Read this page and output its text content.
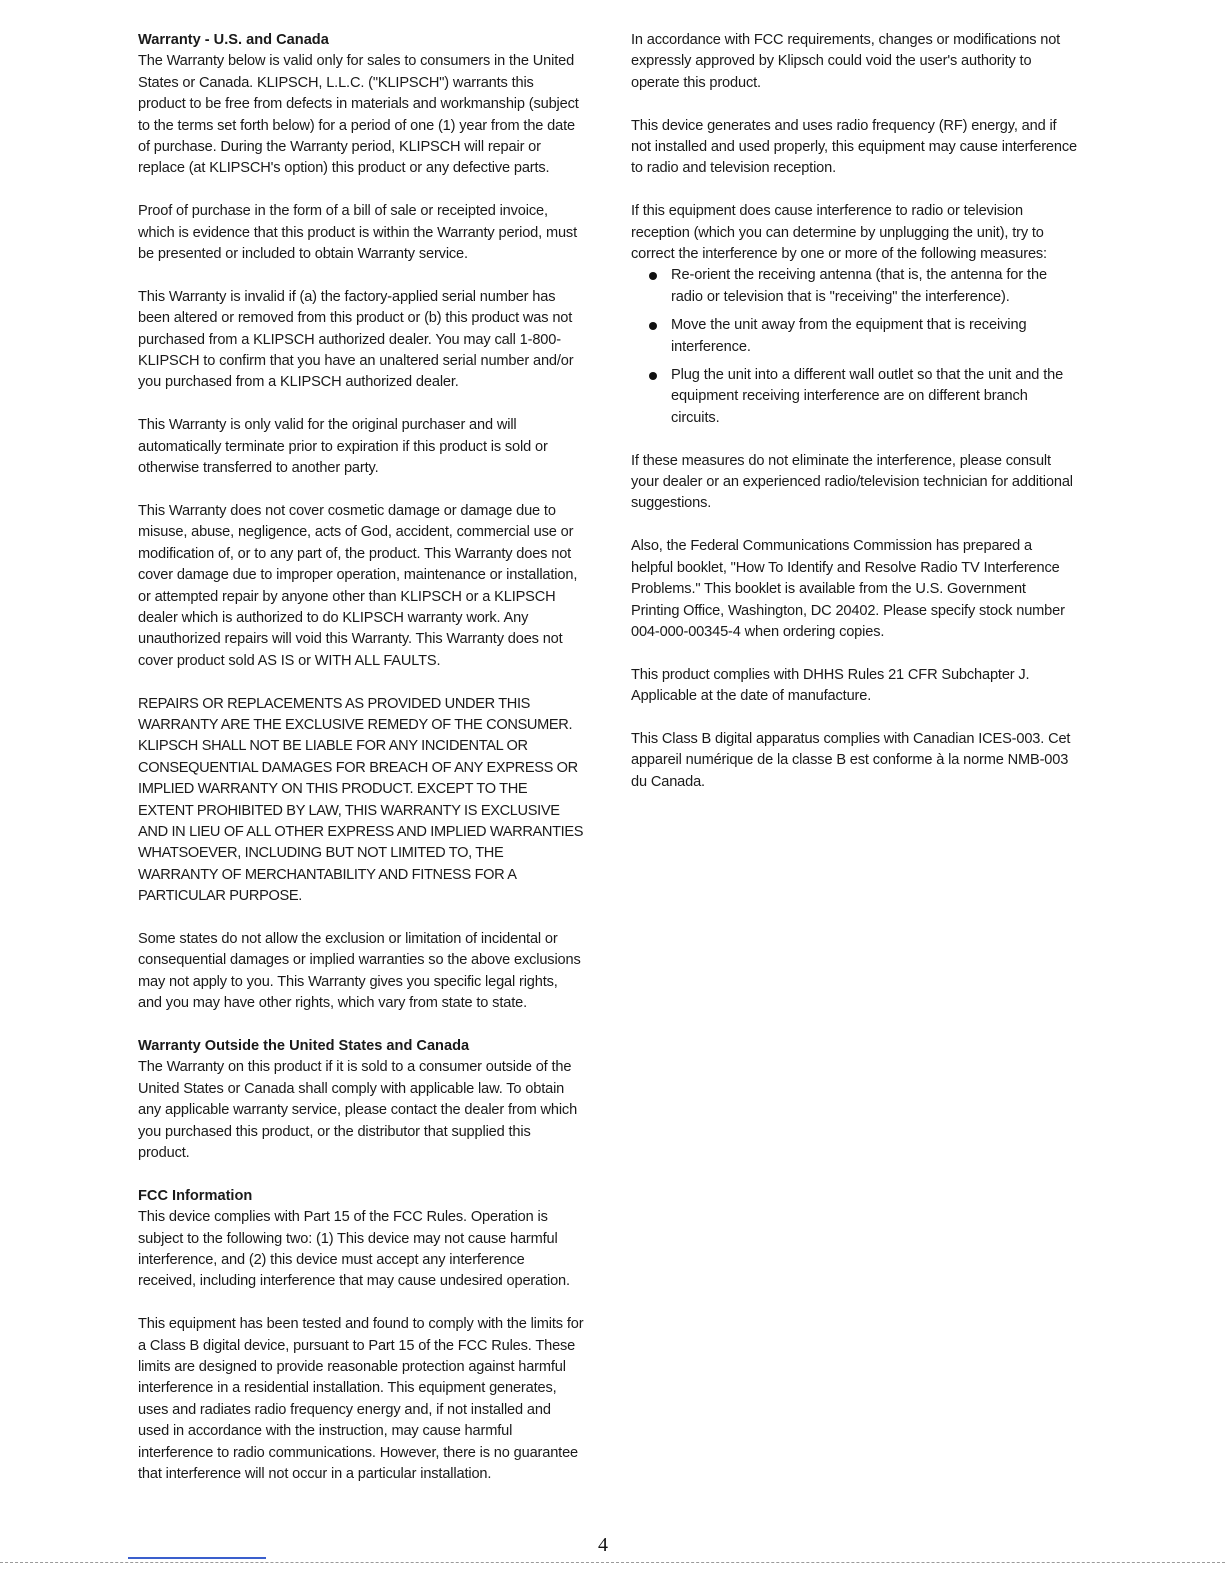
Warranty - U.S. and Canada

The Warranty below is valid only for sales to consumers in the United States or Canada. KLIPSCH, L.L.C. ("KLIPSCH") warrants this product to be free from defects in materials and workmanship (subject to the terms set forth below) for a period of one (1) year from the date of purchase. During the Warranty period, KLIPSCH will repair or replace (at KLIPSCH's option) this product or any defective parts.

Proof of purchase in the form of a bill of sale or receipted invoice, which is evidence that this product is within the Warranty period, must be presented or included to obtain Warranty service.

This Warranty is invalid if (a) the factory-applied serial number has been altered or removed from this product or (b) this product was not purchased from a KLIPSCH authorized dealer. You may call 1-800-KLIPSCH to confirm that you have an unaltered serial number and/or you purchased from a KLIPSCH authorized dealer.

This Warranty is only valid for the original purchaser and will automatically terminate prior to expiration if this product is sold or otherwise transferred to another party.

This Warranty does not cover cosmetic damage or damage due to misuse, abuse, negligence, acts of God, accident, commercial use or modification of, or to any part of, the product. This Warranty does not cover damage due to improper operation, maintenance or installation, or attempted repair by anyone other than KLIPSCH or a KLIPSCH dealer which is authorized to do KLIPSCH warranty work. Any unauthorized repairs will void this Warranty. This Warranty does not cover product sold AS IS or WITH ALL FAULTS.

REPAIRS OR REPLACEMENTS AS PROVIDED UNDER THIS WARRANTY ARE THE EXCLUSIVE REMEDY OF THE CONSUMER. KLIPSCH SHALL NOT BE LIABLE FOR ANY INCIDENTAL OR CONSEQUENTIAL DAMAGES FOR BREACH OF ANY EXPRESS OR IMPLIED WARRANTY ON THIS PRODUCT. EXCEPT TO THE EXTENT PROHIBITED BY LAW, THIS WARRANTY IS EXCLUSIVE AND IN LIEU OF ALL OTHER EXPRESS AND IMPLIED WARRANTIES WHATSOEVER, INCLUDING BUT NOT LIMITED TO, THE WARRANTY OF MERCHANTABILITY AND FITNESS FOR A PARTICULAR PURPOSE.

Some states do not allow the exclusion or limitation of incidental or consequential damages or implied warranties so the above exclusions may not apply to you. This Warranty gives you specific legal rights, and you may have other rights, which vary from state to state.

Warranty Outside the United States and Canada

The Warranty on this product if it is sold to a consumer outside of the United States or Canada shall comply with applicable law. To obtain any applicable warranty service, please contact the dealer from which you purchased this product, or the distributor that supplied this product.

FCC Information

This device complies with Part 15 of the FCC Rules. Operation is subject to the following two: (1) This device may not cause harmful interference, and (2) this device must accept any interference received, including interference that may cause undesired operation.

This equipment has been tested and found to comply with the limits for a Class B digital device, pursuant to Part 15 of the FCC Rules. These limits are designed to provide reasonable protection against harmful interference in a residential installation. This equipment generates, uses and radiates radio frequency energy and, if not installed and used in accordance with the instruction, may cause harmful interference to radio communications. However, there is no guarantee that interference will not occur in a particular installation.

In accordance with FCC requirements, changes or modifications not expressly approved by Klipsch could void the user's authority to operate this product.

This device generates and uses radio frequency (RF) energy, and if not installed and used properly, this equipment may cause interference to radio and television reception.

If this equipment does cause interference to radio or television reception (which you can determine by unplugging the unit), try to correct the interference by one or more of the following measures:

Re-orient the receiving antenna (that is, the antenna for the radio or television that is "receiving" the interference).
Move the unit away from the equipment that is receiving interference.
Plug the unit into a different wall outlet so that the unit and the equipment receiving interference are on different branch circuits.

If these measures do not eliminate the interference, please consult your dealer or an experienced radio/television technician for additional suggestions.

Also, the Federal Communications Commission has prepared a helpful booklet, "How To Identify and Resolve Radio TV Interference Problems." This booklet is available from the U.S. Government Printing Office, Washington, DC 20402. Please specify stock number 004-000-00345-4 when ordering copies.

This product complies with DHHS Rules 21 CFR Subchapter J. Applicable at the date of manufacture.

This Class B digital apparatus complies with Canadian ICES-003. Cet appareil numérique de la classe B est conforme à la norme NMB-003 du Canada.

4
